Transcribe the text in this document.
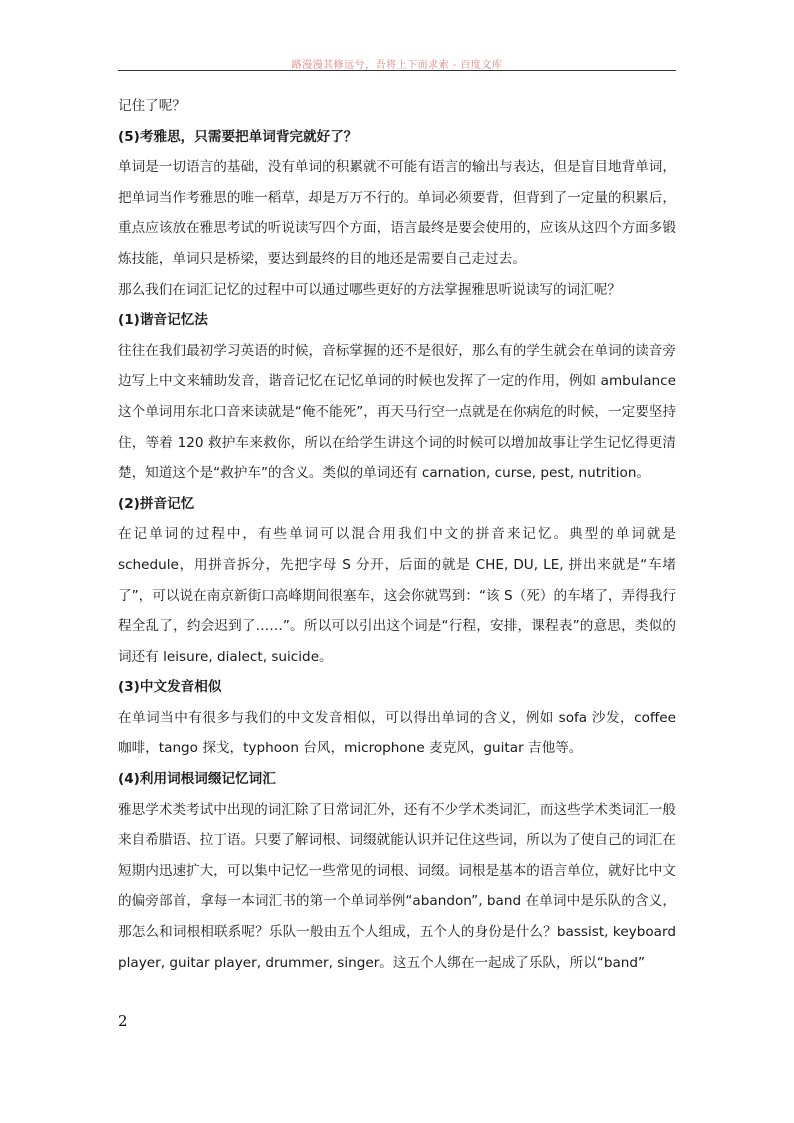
路漫漫其修远兮，吾将上下而求索 - 百度文库

记住了呢？

(5)考雅思，只需要把单词背完就好了？

单词是一切语言的基础，没有单词的积累就不可能有语言的输出与表达，但是盲目地背单词，把单词当作考雅思的唯一稻草，却是万万不行的。单词必须要背，但背到了一定量的积累后，重点应该放在雅思考试的听说读写四个方面，语言最终是要会使用的，应该从这四个方面多锻炼技能，单词只是桥梁，要达到最终的目的地还是需要自己走过去。

那么我们在词汇记忆的过程中可以通过哪些更好的方法掌握雅思听说读写的词汇呢？

(1)谐音记忆法

往往在我们最初学习英语的时候，音标掌握的还不是很好，那么有的学生就会在单词的读音旁边写上中文来辅助发音，谐音记忆在记忆单词的时候也发挥了一定的作用，例如 ambulance 这个单词用东北口音来读就是“俺不能死”，再天马行空一点就是在你病危的时候，一定要坚持住，等着 120 救护车来救你，所以在给学生讲这个词的时候可以增加故事让学生记忆得更清楚，知道这个是“救护车”的含义。类似的单词还有 carnation, curse, pest, nutrition。

(2)拼音记忆

在记单词的过程中，有些单词可以混合用我们中文的拼音来记忆。典型的单词就是 schedule，用拼音拆分，先把字母 S 分开，后面的就是 CHE, DU, LE, 拼出来就是“车堵了”，可以说在南京新街口高峰期间很塞车，这会你就骂到：“该 S（死）的车堵了，弄得我行程全乱了，约会迟到了……”。所以可以引出这个词是“行程，安排，课程表”的意思，类似的词还有 leisure, dialect, suicide。

(3)中文发音相似

在单词当中有很多与我们的中文发音相似，可以得出单词的含义，例如 sofa 沙发，coffee 咖啡，tango 探戈，typhoon 台风，microphone 麦克风，guitar 吉他等。

(4)利用词根词缀记忆词汇

雅思学术类考试中出现的词汇除了日常词汇外，还有不少学术类词汇，而这些学术类词汇一般来自希腊语、拉丁语。只要了解词根、词缀就能认识并记住这些词，所以为了使自己的词汇在短期内迅速扩大，可以集中记忆一些常见的词根、词缀。词根是基本的语言单位，就好比中文的偏旁部首，拿每一本词汇书的第一个单词举例“abandon”, band 在单词中是乐队的含义，那怎么和词根相联系呢？乐队一般由五个人组成，五个人的身份是什么？bassist, keyboard player, guitar player, drummer, singer。这五个人绑在一起成了乐队，所以“band”

2
